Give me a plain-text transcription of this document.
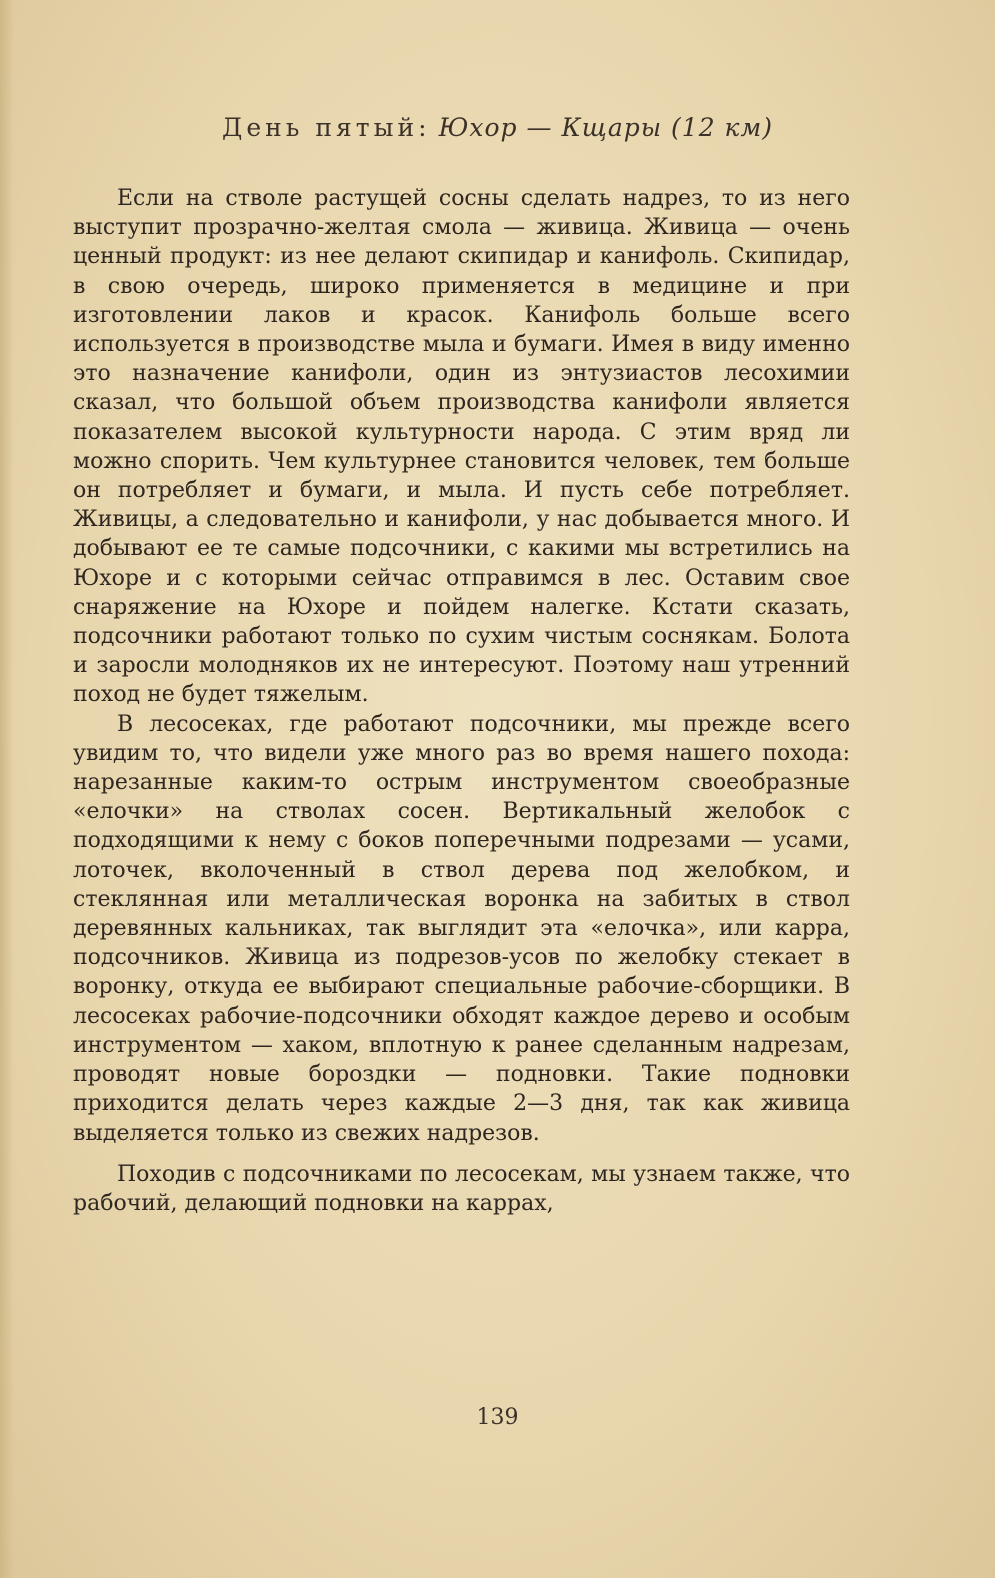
День пятый: Юхор — Кщары (12 км)

Если на стволе растущей сосны сделать надрез, то из него выступит прозрачно-желтая смола — живица. Живица — очень ценный продукт: из нее делают скипидар и канифоль. Скипидар, в свою очередь, широко применяется в медицине и при изготовлении лаков и красок. Канифоль больше всего используется в производстве мыла и бумаги. Имея в виду именно это назначение канифоли, один из энтузиастов лесохимии сказал, что большой объем производства канифоли является показателем высокой культурности народа. С этим вряд ли можно спорить. Чем культурнее становится человек, тем больше он потребляет и бумаги, и мыла. И пусть себе потребляет. Живицы, а следовательно и канифоли, у нас добывается много. И добывают ее те самые подсочники, с какими мы встретились на Юхоре и с которыми сейчас отправимся в лес. Оставим свое снаряжение на Юхоре и пойдем налегке. Кстати сказать, подсочники работают только по сухим чистым соснякам. Болота и заросли молодняков их не интересуют. Поэтому наш утренний поход не будет тяжелым.

В лесосеках, где работают подсочники, мы прежде всего увидим то, что видели уже много раз во время нашего похода: нарезанные каким-то острым инструментом своеобразные «елочки» на стволах сосен. Вертикальный желобок с подходящими к нему с боков поперечными подрезами — усами, лоточек, вколоченный в ствол дерева под желобком, и стеклянная или металлическая воронка на забитых в ствол деревянных кальниках, так выглядит эта «елочка», или карра, подсочников. Живица из подрезов-усов по желобку стекает в воронку, откуда ее выбирают специальные рабочие-сборщики. В лесосеках рабочие-подсочники обходят каждое дерево и особым инструментом — хаком, вплотную к ранее сделанным надрезам, проводят новые бороздки — подновки. Такие подновки приходится делать через каждые 2—3 дня, так как живица выделяется только из свежих надрезов.

Походив с подсочниками по лесосекам, мы узнаем также, что рабочий, делающий подновки на каррах,

139
